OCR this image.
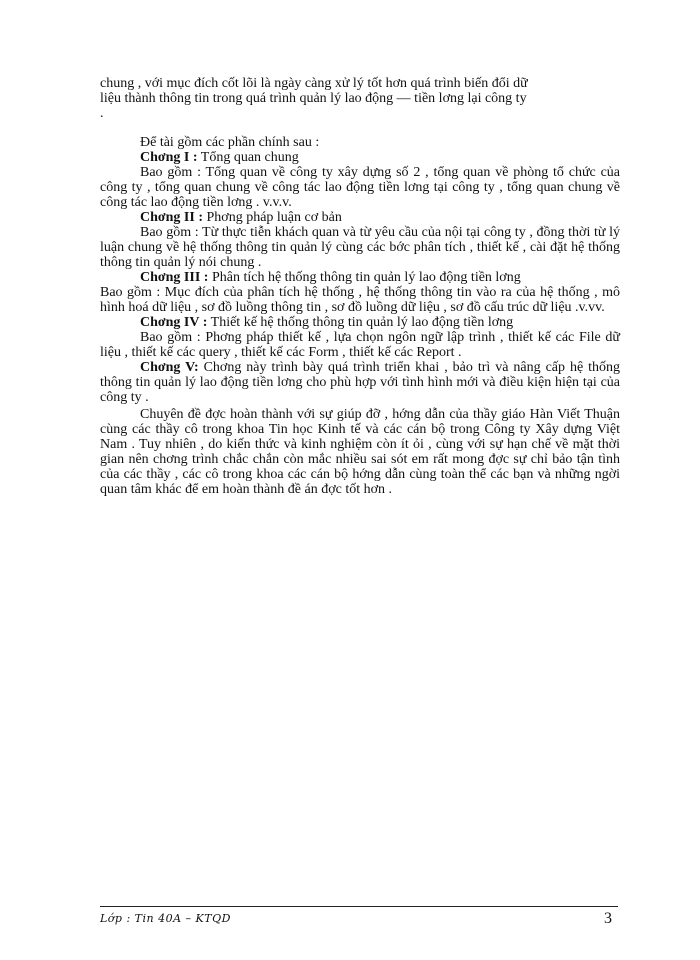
chung , với mục đích cốt lõi là ngày càng xử lý tốt hơn quá trình biến đổi dữ

liệu thành thông tin trong quá trình quản lý lao động — tiền lơng lại công ty

.

Để tài gồm các phần chính sau :

Chơng I : Tổng quan chung

Bao gồm : Tổng quan về công ty xây dựng số 2 , tổng quan về phòng tổ chức của công ty , tổng quan chung về công tác lao động tiền lơng tại công ty , tổng quan chung về công tác lao động tiền lơng . v.v.v.

Chơng II : Phơng pháp luận cơ bản

Bao gồm : Từ thực tiễn khách quan và từ yêu cầu của nội tại công ty , đồng thời từ lý luận chung về hệ thống thông tin quản lý cùng các bớc phân tích , thiết kế , cài đặt hệ thống thông tin quản lý nói chung .

Chơng III : Phân tích hệ thống thông tin quản lý lao động tiền lơng

Bao gồm : Mục đích của phân tích hệ thống , hệ thống thông tin vào ra của hệ thống , mô hình hoá dữ liệu , sơ đồ luồng thông tin , sơ đồ luồng dữ liệu , sơ đồ cấu trúc dữ liệu .v.vv.

Chơng IV : Thiết kế hệ thống thông tin quản lý lao động tiền lơng

Bao gồm : Phơng pháp thiết kế , lựa chọn ngôn ngữ lập trình , thiết kế các File dữ liệu , thiết kế các query , thiết kế các Form , thiết kế các Report .

Chơng V: Chơng này trình bày quá trình triển khai , bảo trì và nâng cấp hệ thống thông tin quản lý lao động tiền lơng cho phù hợp với tình hình mới và điều kiện hiện tại của công ty .

Chuyên đề đợc hoàn thành với sự giúp đỡ , hớng dẫn của thầy giáo Hàn Viết Thuận cùng các thầy cô trong khoa Tin học Kinh tế và các cán bộ trong Công ty Xây dựng Việt Nam . Tuy nhiên , do kiến thức và kinh nghiệm còn ít ỏi , cùng với sự hạn chế về mặt thời gian nên chơng trình chắc chắn còn mắc nhiều sai sót em rất mong đợc sự chỉ bảo tận tình của các thầy , các cô trong khoa các cán bộ hớng dẫn cùng toàn thể các bạn và những ngời quan tâm khác để em hoàn thành đề án đợc tốt hơn .

Lớp : Tin 40A – KTQD	3
